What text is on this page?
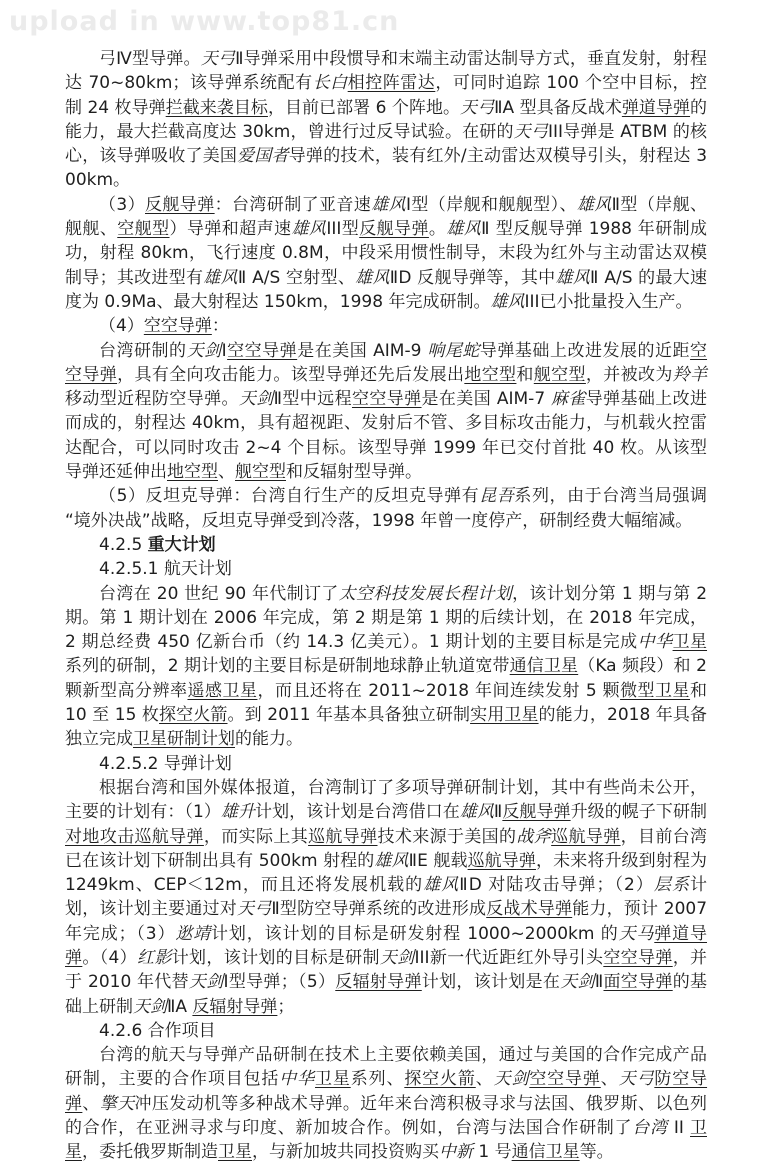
upload in www.top81.cn

弓Ⅳ型导弹。天弓Ⅱ导弹采用中段惯导和末端主动雷达制导方式，垂直发射，射程达 70~80km；该导弹系统配有长白相控阵雷达，可同时追踪 100 个空中目标，控制 24 枚导弹拦截来袭目标，目前已部署 6 个阵地。天弓ⅡA 型具备反战术弹道导弹的能力，最大拦截高度达 30km，曾进行过反导试验。在研的天弓III导弹是 ATBM 的核心，该导弹吸收了美国爱国者导弹的技术，装有红外/主动雷达双模导引头，射程达 300km。

（3）反舰导弹：台湾研制了亚音速雄风Ⅰ型（岸舰和舰舰型）、雄风Ⅱ型（岸舰、舰舰、空舰型）导弹和超声速雄风III型反舰导弹。雄风Ⅱ 型反舰导弹 1988 年研制成功，射程 80km，飞行速度 0.8M，中段采用惯性制导，末段为红外与主动雷达双模制导；其改进型有雄风Ⅱ A/S 空射型、雄风ⅡD 反舰导弹等，其中雄风Ⅱ A/S 的最大速度为 0.9Ma、最大射程达 150km，1998 年完成研制。雄风III已小批量投入生产。

（4）空空导弹：

台湾研制的天剑Ⅰ空空导弹是在美国 AIM-9 响尾蛇导弹基础上改进发展的近距空空导弹，具有全向攻击能力。该型导弹还先后发展出地空型和舰空型，并被改为羚羊移动型近程防空导弹。天剑Ⅱ型中远程空空导弹是在美国 AIM-7 麻雀导弹基础上改进而成的，射程达 40km，具有超视距、发射后不管、多目标攻击能力，与机载火控雷达配合，可以同时攻击 2~4 个目标。该型导弹 1999 年已交付首批 40 枚。从该型导弹还延伸出地空型、舰空型和反辐射型导弹。

（5）反坦克导弹：台湾自行生产的反坦克导弹有昆吾系列，由于台湾当局强调“境外决战”战略，反坦克导弹受到冷落，1998 年曾一度停产，研制经费大幅缩减。

4.2.5 重大计划

4.2.5.1 航天计划

台湾在 20 世纪 90 年代制订了太空科技发展长程计划，该计划分第 1 期与第 2 期。第 1 期计划在 2006 年完成，第 2 期是第 1 期的后续计划，在 2018 年完成，2 期总经费 450 亿新台币（约 14.3 亿美元）。1 期计划的主要目标是完成中华卫星系列的研制，2 期计划的主要目标是研制地球静止轨道宽带通信卫星（Ka 频段）和 2 颗新型高分辨率遥感卫星，而且还将在 2011~2018 年间连续发射 5 颗微型卫星和 10 至 15 枚探空火箭。到 2011 年基本具备独立研制实用卫星的能力，2018 年具备独立完成卫星研制计划的能力。

4.2.5.2 导弹计划

根据台湾和国外媒体报道，台湾制订了多项导弹研制计划，其中有些尚未公开，主要的计划有：（1）雄升计划，该计划是台湾借口在雄风Ⅱ反舰导弹升级的幌子下研制对地攻击巡航导弹，而实际上其巡航导弹技术来源于美国的战斧巡航导弹，目前台湾已在该计划下研制出具有 500km 射程的雄风ⅡE 舰载巡航导弹，未来将升级到射程为 1249km、CEP＜12m，而且还将发展机载的雄风ⅡD 对陆攻击导弹；（2）层系计划，该计划主要通过对天弓Ⅱ型防空导弹系统的改进形成反战术导弹能力，预计 2007 年完成；（3）逖靖计划，该计划的目标是研发射程 1000~2000km 的天马弹道导弹。（4）红影计划，该计划的目标是研制天剑III新一代近距红外导引头空空导弹，并于 2010 年代替天剑Ⅰ型导弹；（5）反辐射导弹计划，该计划是在天剑Ⅱ面空导弹的基础上研制天剑ⅡA 反辐射导弹；

4.2.6 合作项目

台湾的航天与导弹产品研制在技术上主要依赖美国，通过与美国的合作完成产品研制，主要的合作项目包括中华卫星系列、探空火箭、天剑空空导弹、天弓防空导弹、擎天冲压发动机等多种战术导弹。近年来台湾积极寻求与法国、俄罗斯、以色列的合作，在亚洲寻求与印度、新加坡合作。例如，台湾与法国合作研制了台湾 II 卫星，委托俄罗斯制造卫星，与新加坡共同投资购买中新 1 号通信卫星等。
